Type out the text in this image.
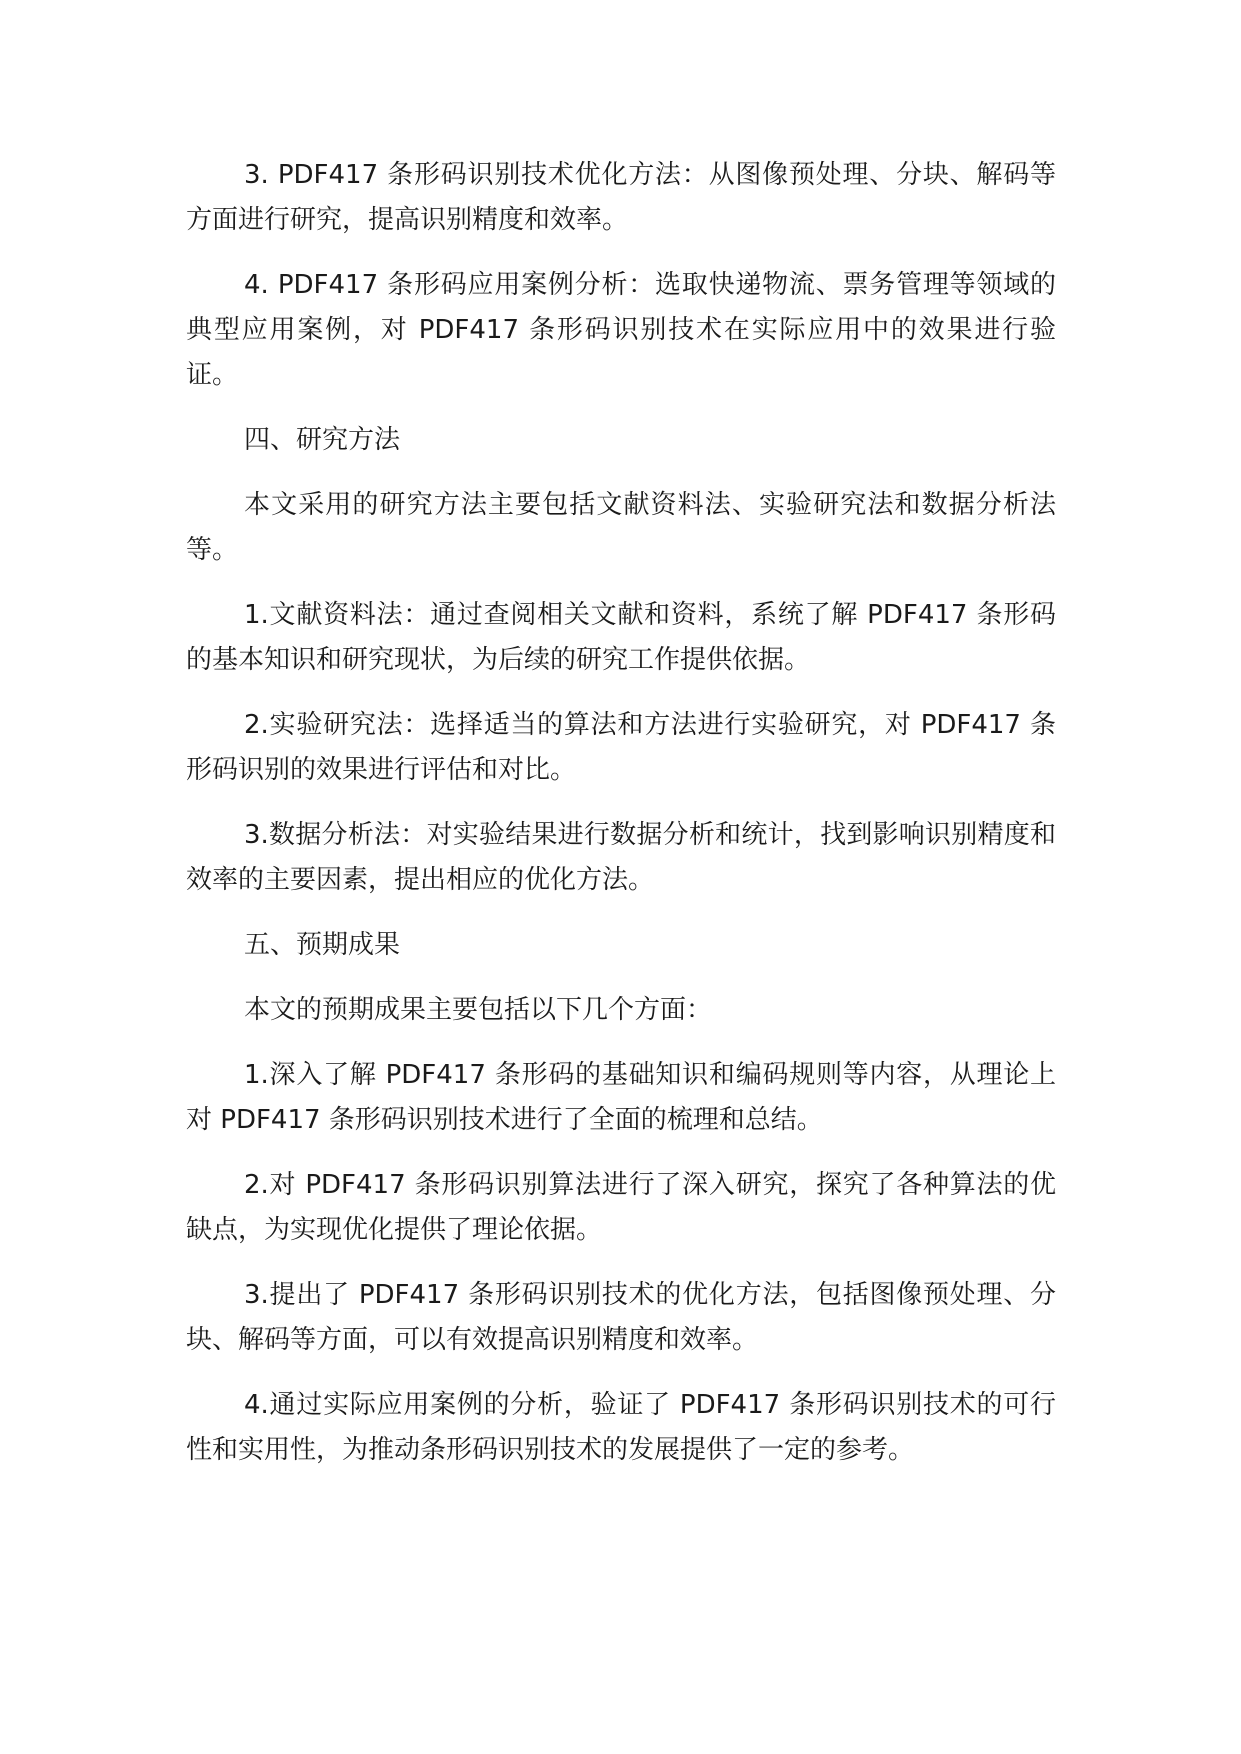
3. PDF417 条形码识别技术优化方法：从图像预处理、分块、解码等方面进行研究，提高识别精度和效率。

4. PDF417 条形码应用案例分析：选取快递物流、票务管理等领域的典型应用案例，对 PDF417 条形码识别技术在实际应用中的效果进行验证。

四、研究方法

本文采用的研究方法主要包括文献资料法、实验研究法和数据分析法等。

1.文献资料法：通过查阅相关文献和资料，系统了解 PDF417 条形码的基本知识和研究现状，为后续的研究工作提供依据。

2.实验研究法：选择适当的算法和方法进行实验研究，对 PDF417 条形码识别的效果进行评估和对比。

3.数据分析法：对实验结果进行数据分析和统计，找到影响识别精度和效率的主要因素，提出相应的优化方法。

五、预期成果

本文的预期成果主要包括以下几个方面：

1.深入了解 PDF417 条形码的基础知识和编码规则等内容，从理论上对 PDF417 条形码识别技术进行了全面的梳理和总结。

2.对 PDF417 条形码识别算法进行了深入研究，探究了各种算法的优缺点，为实现优化提供了理论依据。

3.提出了 PDF417 条形码识别技术的优化方法，包括图像预处理、分块、解码等方面，可以有效提高识别精度和效率。

4.通过实际应用案例的分析，验证了 PDF417 条形码识别技术的可行性和实用性，为推动条形码识别技术的发展提供了一定的参考。
